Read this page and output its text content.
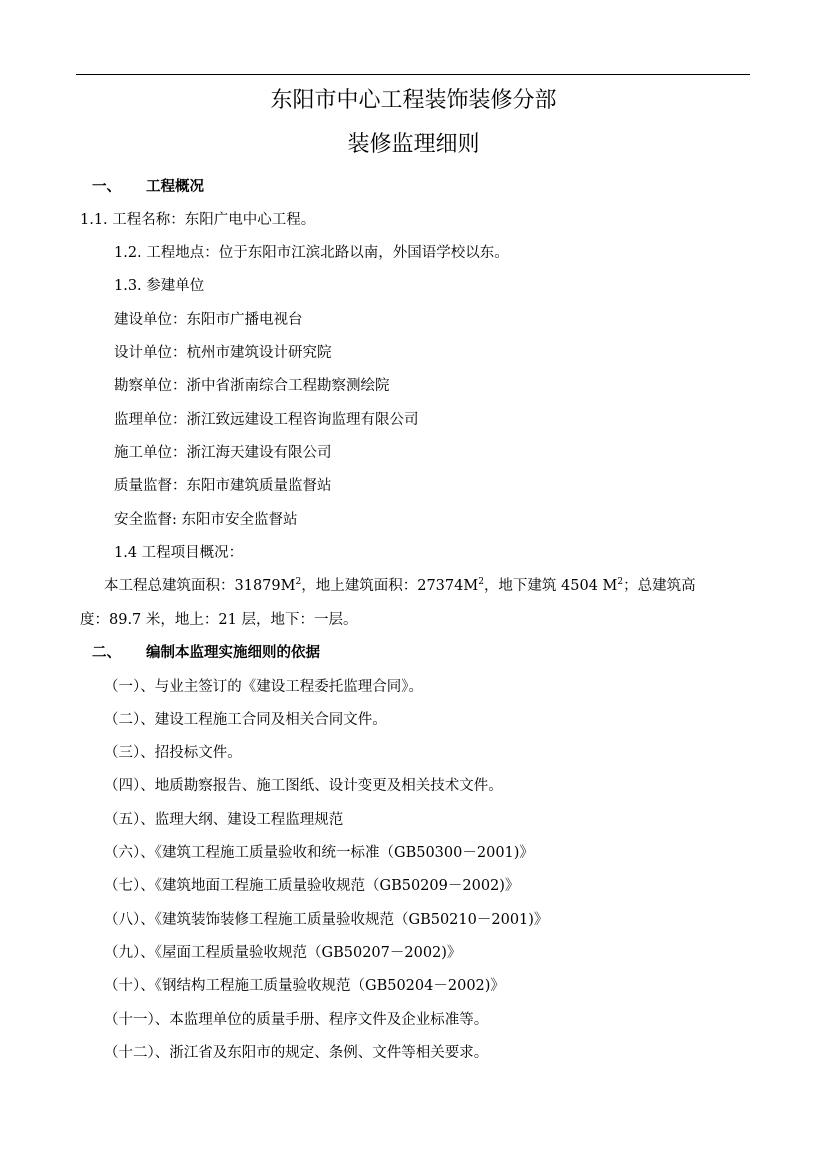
东阳市中心工程装饰装修分部
装修监理细则
一、 工程概况
1.1. 工程名称：东阳广电中心工程。
1.2. 工程地点：位于东阳市江滨北路以南，外国语学校以东。
1.3. 参建单位
建设单位：东阳市广播电视台
设计单位：杭州市建筑设计研究院
勘察单位：浙中省浙南综合工程勘察测绘院
监理单位：浙江致远建设工程咨询监理有限公司
施工单位：浙江海天建设有限公司
质量监督：东阳市建筑质量监督站
安全监督: 东阳市安全监督站
1.4 工程项目概况：
本工程总建筑面积：$31879M^2$，地上建筑面积：$27374M^2$，地下建筑 4504 $M^2$；总建筑高
度：89.7 米，地上：21 层，地下：一层。
二、 编制本监理实施细则的依据
（一）、与业主签订的《建设工程委托监理合同》。
（二）、建设工程施工合同及相关合同文件。
（三）、招投标文件。
（四）、地质勘察报告、施工图纸、设计变更及相关技术文件。
（五）、监理大纲、建设工程监理规范
（六）、《建筑工程施工质量验收和统一标准（GB50300－2001)》
（七）、《建筑地面工程施工质量验收规范（GB50209－2002)》
（八）、《建筑装饰装修工程施工质量验收规范（GB50210－2001)》
（九）、《屋面工程质量验收规范（GB50207－2002)》
（十）、《钢结构工程施工质量验收规范（GB50204－2002)》
（十一）、本监理单位的质量手册、程序文件及企业标准等。
（十二）、浙江省及东阳市的规定、条例、文件等相关要求。
